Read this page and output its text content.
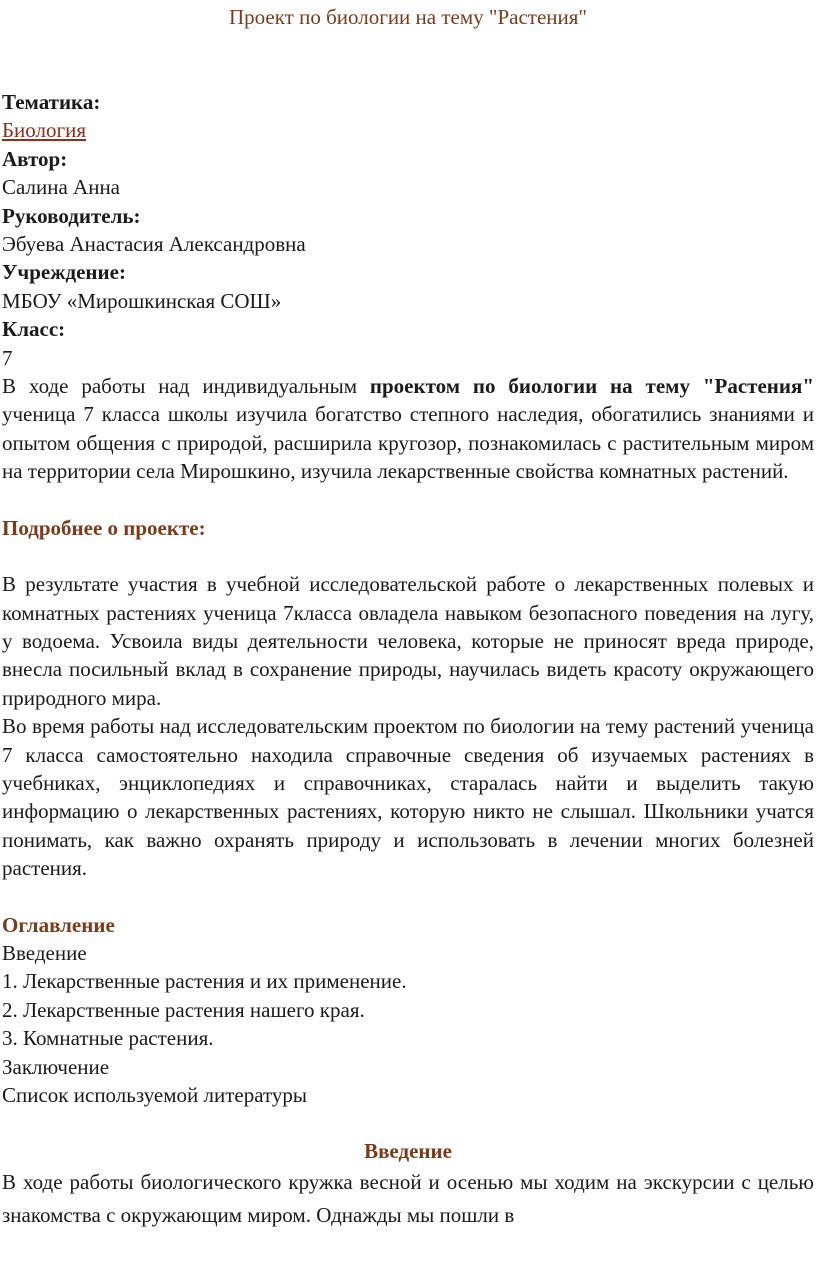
Проект по биологии на тему "Растения"

Тематика:
Биология
Автор:
Салина Анна
Руководитель:
Эбуева Анастасия Александровна
Учреждение:
МБОУ «Мирошкинская СОШ»
Класс:
7

В ходе работы над индивидуальным проектом по биологии на тему "Растения" ученица 7 класса школы изучила богатство степного наследия, обогатились знаниями и опытом общения с природой, расширила кругозор, познакомилась с растительным миром на территории села Мирошкино, изучила лекарственные свойства комнатных растений.

Подробнее о проекте:

В результате участия в учебной исследовательской работе о лекарственных полевых и комнатных растениях ученица 7класса овладела навыком безопасного поведения на лугу, у водоема. Усвоила виды деятельности человека, которые не приносят вреда природе, внесла посильный вклад в сохранение природы, научилась видеть красоту окружающего природного мира.

Во время работы над исследовательским проектом по биологии на тему растений ученица 7 класса самостоятельно находила справочные сведения об изучаемых растениях в учебниках, энциклопедиях и справочниках, старалась найти и выделить такую информацию о лекарственных растениях, которую никто не слышал. Школьники учатся понимать, как важно охранять природу и использовать в лечении многих болезней растения.

Оглавление

Введение
1. Лекарственные растения и их применение.
2. Лекарственные растения нашего края.
3. Комнатные растения.
Заключение
Список используемой литературы

Введение

В ходе работы биологического кружка весной и осенью мы ходим на экскурсии с целью знакомства с окружающим миром. Однажды мы пошли в
